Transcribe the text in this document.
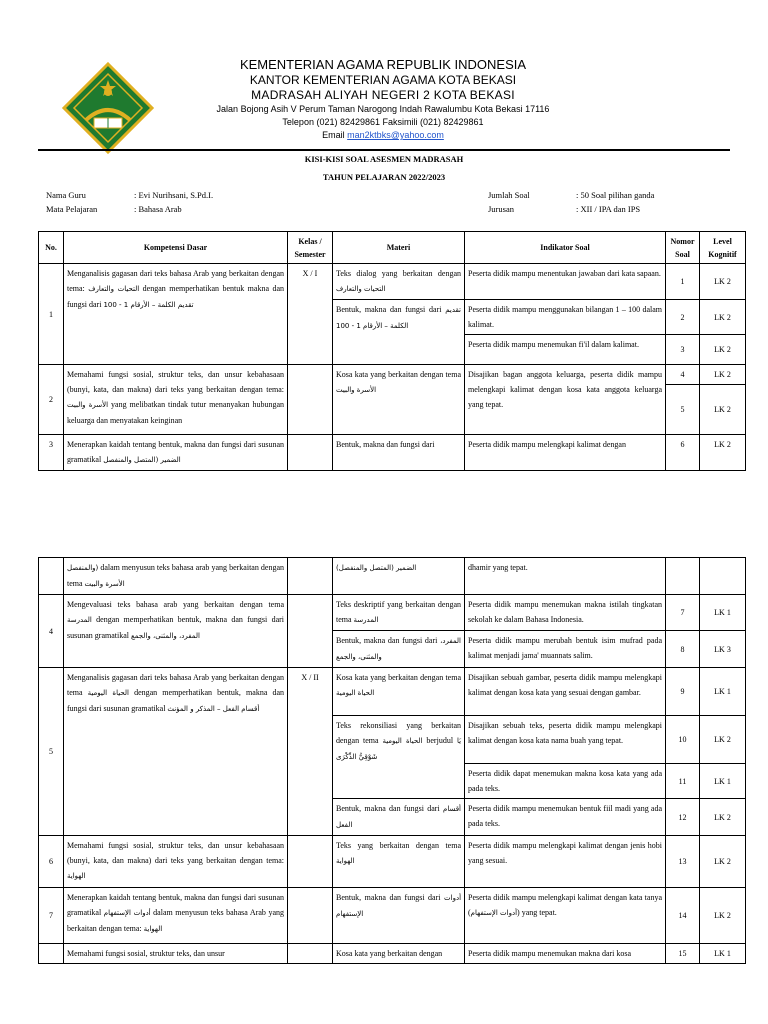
KEMENTERIAN AGAMA REPUBLIK INDONESIA
KANTOR KEMENTERIAN AGAMA KOTA BEKASI
MADRASAH ALIYAH NEGERI 2 KOTA BEKASI
Jalan Bojong Asih V Perum Taman Narogong Indah Rawalumbu Kota Bekasi 17116
Telepon (021) 82429861 Faksimili (021) 82429861
Email man2ktbks@yahoo.com
KISI-KISI SOAL ASESMEN MADRASAH
TAHUN PELAJARAN 2022/2023
Nama Guru	: Evi Nurihsani, S.Pd.I.
Mata Pelajaran	: Bahasa Arab
Jumlah Soal	: 50 Soal pilihan ganda
Jurusan	: XII / IPA dan IPS
No.	Kompetensi Dasar	Kelas / Semester	Materi	Indikator Soal	Nomor Soal	Level Kognitif
1	Menganalisis gagasan dari teks bahasa Arab yang berkaitan dengan tema: التحيات والتعارف dengan memperhatikan bentuk makna dan fungsi dari تقديم الكلمة – الأرقام 1 - 100	X / I	Teks dialog yang berkaitan dengan التحيات والتعارف	Peserta didik mampu menentukan jawaban dari kata sapaan.	1	LK 2
			Bentuk, makna dan fungsi dari تقديم الكلمة – الأرقام 1 - 100	Peserta didik mampu menggunakan bilangan 1 – 100 dalam kalimat.	2	LK 2
				Peserta didik mampu menemukan fi'il dalam kalimat.	3	LK 2
2	Memahami fungsi sosial, struktur teks, dan unsur kebahasaan (bunyi, kata, dan makna) dari teks yang berkaitan dengan tema: الأسرة والبيت yang melibatkan tindak tutur menanyakan hubungan keluarga dan menyatakan keinginan		Kosa kata yang berkaitan dengan tema الأسرة والبيت	Disajikan bagan anggota keluarga, peserta didik mampu melengkapi kalimat dengan kosa kata anggota keluarga yang tepat.	4	LK 2
					5	LK 2
3	Menerapkan kaidah tentang bentuk, makna dan fungsi dari susunan gramatikal الضمير (المتصل والمنفصل		Bentuk, makna dan fungsi dari	Peserta didik mampu melengkapi kalimat dengan	6	LK 2
	والمنفصل) dalam menyusun teks bahasa arab yang berkaitan dengan tema الأسرة والبيت		الضمير (المتصل والمنفصل)	dhamir yang tepat.		
4	Mengevaluasi teks bahasa arab yang berkaitan dengan tema المدرسة dengan memperhatikan bentuk, makna dan fungsi dari susunan gramatikal المفرد، والمثنى، والجمع		Teks deskriptif yang berkaitan dengan tema المدرسة	Peserta didik mampu menemukan makna istilah tingkatan sekolah ke dalam Bahasa Indonesia.	7	LK 1
			Bentuk, makna dan fungsi dari المفرد، والمثنى، والجمع	Peserta didik mampu merubah bentuk isim mufrad pada kalimat menjadi jama' muannats salim.	8	LK 3
5	Menganalisis gagasan dari teks bahasa Arab yang berkaitan dengan tema الحياة اليومية dengan memperhatikan bentuk, makna dan fungsi dari susunan gramatikal أقسام الفعل – المذكر و المؤنث	X / II	Kosa kata yang berkaitan dengan tema الحياة اليومية	Disajikan sebuah gambar, peserta didik mampu melengkapi kalimat dengan kosa kata yang sesuai dengan gambar.	9	LK 1
			Teks rekonsiliasi yang berkaitan dengan tema الحياة اليومية berjudul يَا شَوْقِيُّ الذِّكْرَى	Disajikan sebuah teks, peserta didik mampu melengkapi kalimat dengan kosa kata nama buah yang tepat.	10	LK 2
				Peserta didik dapat menemukan makna kosa kata yang ada pada teks.	11	LK 1
			Bentuk, makna dan fungsi dari أقسام الفعل	Peserta didik mampu menemukan bentuk fiil madi yang ada pada teks.	12	LK 2
6	Memahami fungsi sosial, struktur teks, dan unsur kebahasaan (bunyi, kata, dan makna) dari teks yang berkaitan dengan tema: الهواية		Teks yang berkaitan dengan tema الهواية	Peserta didik mampu melengkapi kalimat dengan jenis hobi yang sesuai.	13	LK 2
7	Menerapkan kaidah tentang bentuk, makna dan fungsi dari susunan gramatikal أدوات الإستفهام dalam menyusun teks bahasa Arab yang berkaitan dengan tema: الهواية		Bentuk, makna dan fungsi dari أدوات الإستفهام	Peserta didik mampu melengkapi kalimat dengan kata tanya (أدوات الإستفهام) yang tepat.	14	LK 2
	Memahami fungsi sosial, struktur teks, dan unsur		Kosa kata yang berkaitan dengan	Peserta didik mampu menemukan makna dari kosa	15	LK 1
